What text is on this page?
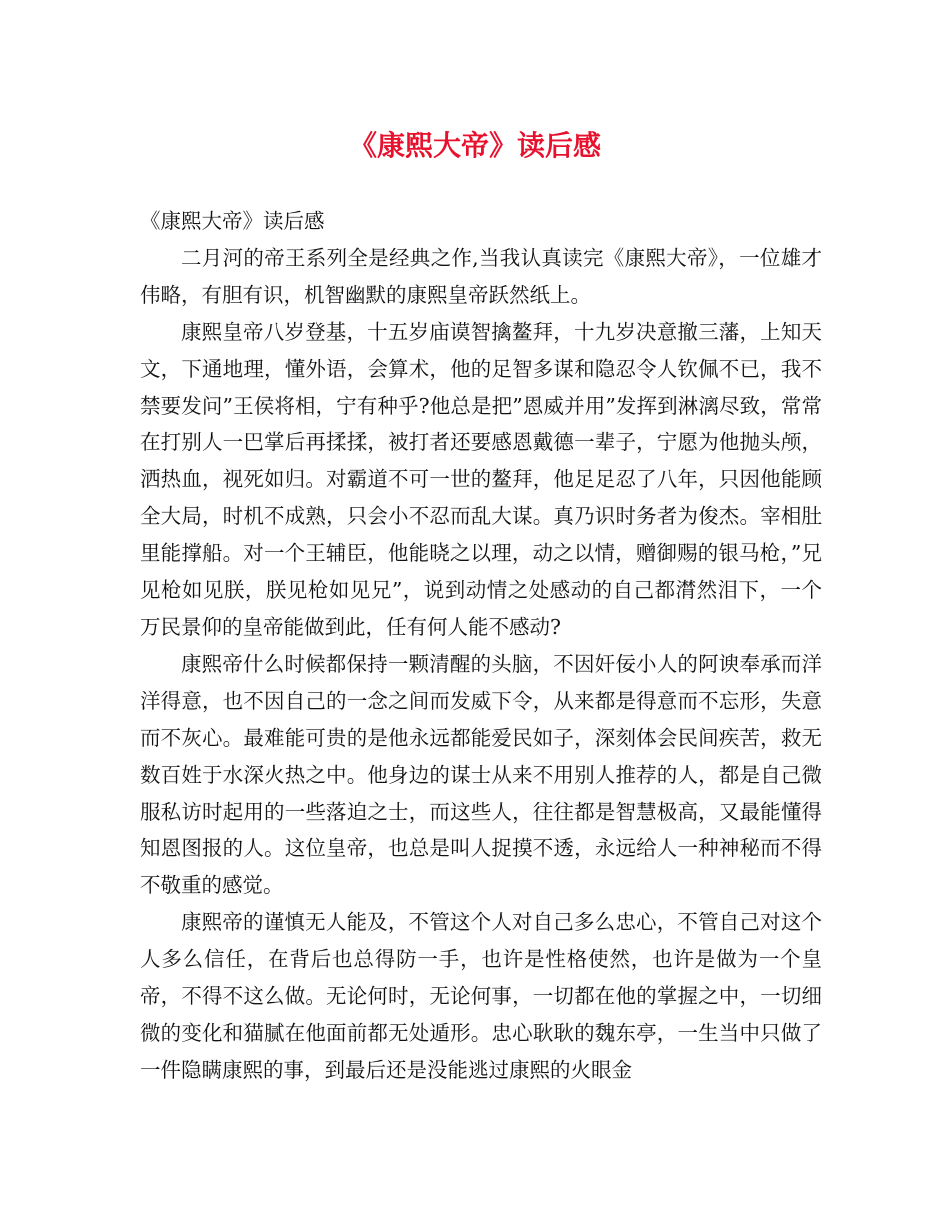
《康熙大帝》读后感

《康熙大帝》读后感

二月河的帝王系列全是经典之作,当我认真读完《康熙大帝》，一位雄才伟略，有胆有识，机智幽默的康熙皇帝跃然纸上。

康熙皇帝八岁登基，十五岁庙谟智擒鳌拜，十九岁决意撤三藩，上知天文，下通地理，懂外语，会算术，他的足智多谋和隐忍令人钦佩不已，我不禁要发问”王侯将相，宁有种乎?他总是把”恩威并用”发挥到淋漓尽致，常常在打别人一巴掌后再揉揉，被打者还要感恩戴德一辈子，宁愿为他抛头颅，洒热血，视死如归。对霸道不可一世的鳌拜，他足足忍了八年，只因他能顾全大局，时机不成熟，只会小不忍而乱大谋。真乃识时务者为俊杰。宰相肚里能撑船。对一个王辅臣，他能晓之以理，动之以情，赠御赐的银马枪，”兄见枪如见朕，朕见枪如见兄”，说到动情之处感动的自己都潸然泪下，一个万民景仰的皇帝能做到此，任有何人能不感动?

康熙帝什么时候都保持一颗清醒的头脑，不因奸佞小人的阿谀奉承而洋洋得意，也不因自己的一念之间而发威下令，从来都是得意而不忘形，失意而不灰心。最难能可贵的是他永远都能爱民如子，深刻体会民间疾苦，救无数百姓于水深火热之中。他身边的谋士从来不用别人推荐的人，都是自己微服私访时起用的一些落迫之士，而这些人，往往都是智慧极高，又最能懂得知恩图报的人。这位皇帝，也总是叫人捉摸不透，永远给人一种神秘而不得不敬重的感觉。

康熙帝的谨慎无人能及，不管这个人对自己多么忠心，不管自己对这个人多么信任，在背后也总得防一手，也许是性格使然，也许是做为一个皇帝，不得不这么做。无论何时，无论何事，一切都在他的掌握之中，一切细微的变化和猫腻在他面前都无处遁形。忠心耿耿的魏东亭，一生当中只做了一件隐瞒康熙的事，到最后还是没能逃过康熙的火眼金
